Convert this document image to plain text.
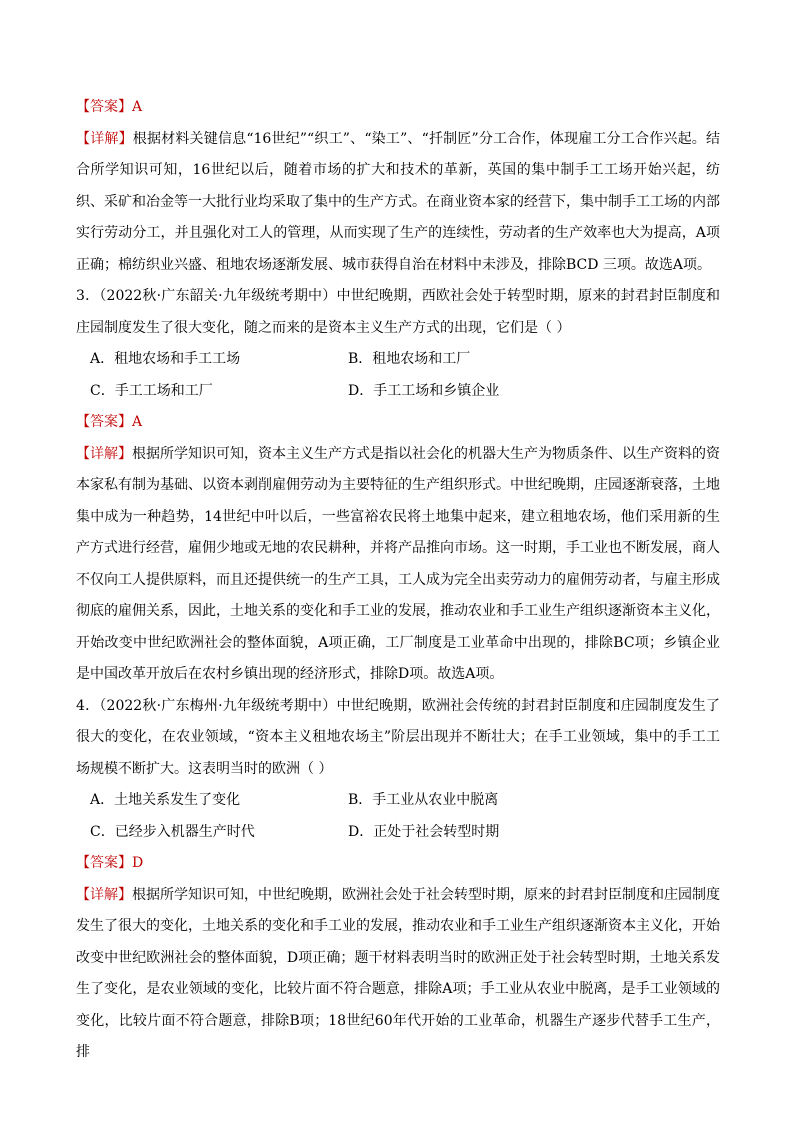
【答案】A

【详解】根据材料关键信息“16世纪”“织工”、“染工”、“扦制匠”分工合作，体现雇工分工合作兴起。结合所学知识可知，16世纪以后，随着市场的扩大和技术的革新，英国的集中制手工工场开始兴起，纺织、采矿和冶金等一大批行业均采取了集中的生产方式。在商业资本家的经营下，集中制手工工场的内部实行劳动分工，并且强化对工人的管理，从而实现了生产的连续性，劳动者的生产效率也大为提高，A项正确；棉纺织业兴盛、租地农场逐渐发展、城市获得自治在材料中未涉及，排除BCD 三项。故选A项。

3．（2022秋·广东韶关·九年级统考期中）中世纪晚期，西欧社会处于转型时期，原来的封君封臣制度和庄园制度发生了很大变化，随之而来的是资本主义生产方式的出现，它们是（ ）

A．租地农场和手工工场	B．租地农场和工厂
C．手工工场和工厂	D．手工工场和乡镇企业

【答案】A

【详解】根据所学知识可知，资本主义生产方式是指以社会化的机器大生产为物质条件、以生产资料的资本家私有制为基础、以资本剥削雇佣劳动为主要特征的生产组织形式。中世纪晚期，庄园逐渐衰落，土地集中成为一种趋势，14世纪中叶以后，一些富裕农民将土地集中起来，建立租地农场，他们采用新的生产方式进行经营，雇佣少地或无地的农民耕种，并将产品推向市场。这一时期，手工业也不断发展，商人不仅向工人提供原料，而且还提供统一的生产工具，工人成为完全出卖劳动力的雇佣劳动者，与雇主形成彻底的雇佣关系，因此，土地关系的变化和手工业的发展，推动农业和手工业生产组织逐渐资本主义化，开始改变中世纪欧洲社会的整体面貌，A项正确，工厂制度是工业革命中出现的，排除BC项；乡镇企业是中国改革开放后在农村乡镇出现的经济形式，排除D项。故选A项。

4．（2022秋·广东梅州·九年级统考期中）中世纪晚期，欧洲社会传统的封君封臣制度和庄园制度发生了很大的变化，在农业领域，“资本主义租地农场主”阶层出现并不断壮大；在手工业领域，集中的手工工场规模不断扩大。这表明当时的欧洲（ ）

A．土地关系发生了变化	B．手工业从农业中脱离
C．已经步入机器生产时代	D．正处于社会转型时期

【答案】D

【详解】根据所学知识可知，中世纪晚期，欧洲社会处于社会转型时期，原来的封君封臣制度和庄园制度发生了很大的变化，土地关系的变化和手工业的发展，推动农业和手工业生产组织逐渐资本主义化，开始改变中世纪欧洲社会的整体面貌，D项正确；题干材料表明当时的欧洲正处于社会转型时期，土地关系发生了变化，是农业领域的变化，比较片面不符合题意，排除A项；手工业从农业中脱离，是手工业领域的变化，比较片面不符合题意，排除B项；18世纪60年代开始的工业革命，机器生产逐步代替手工生产，排
